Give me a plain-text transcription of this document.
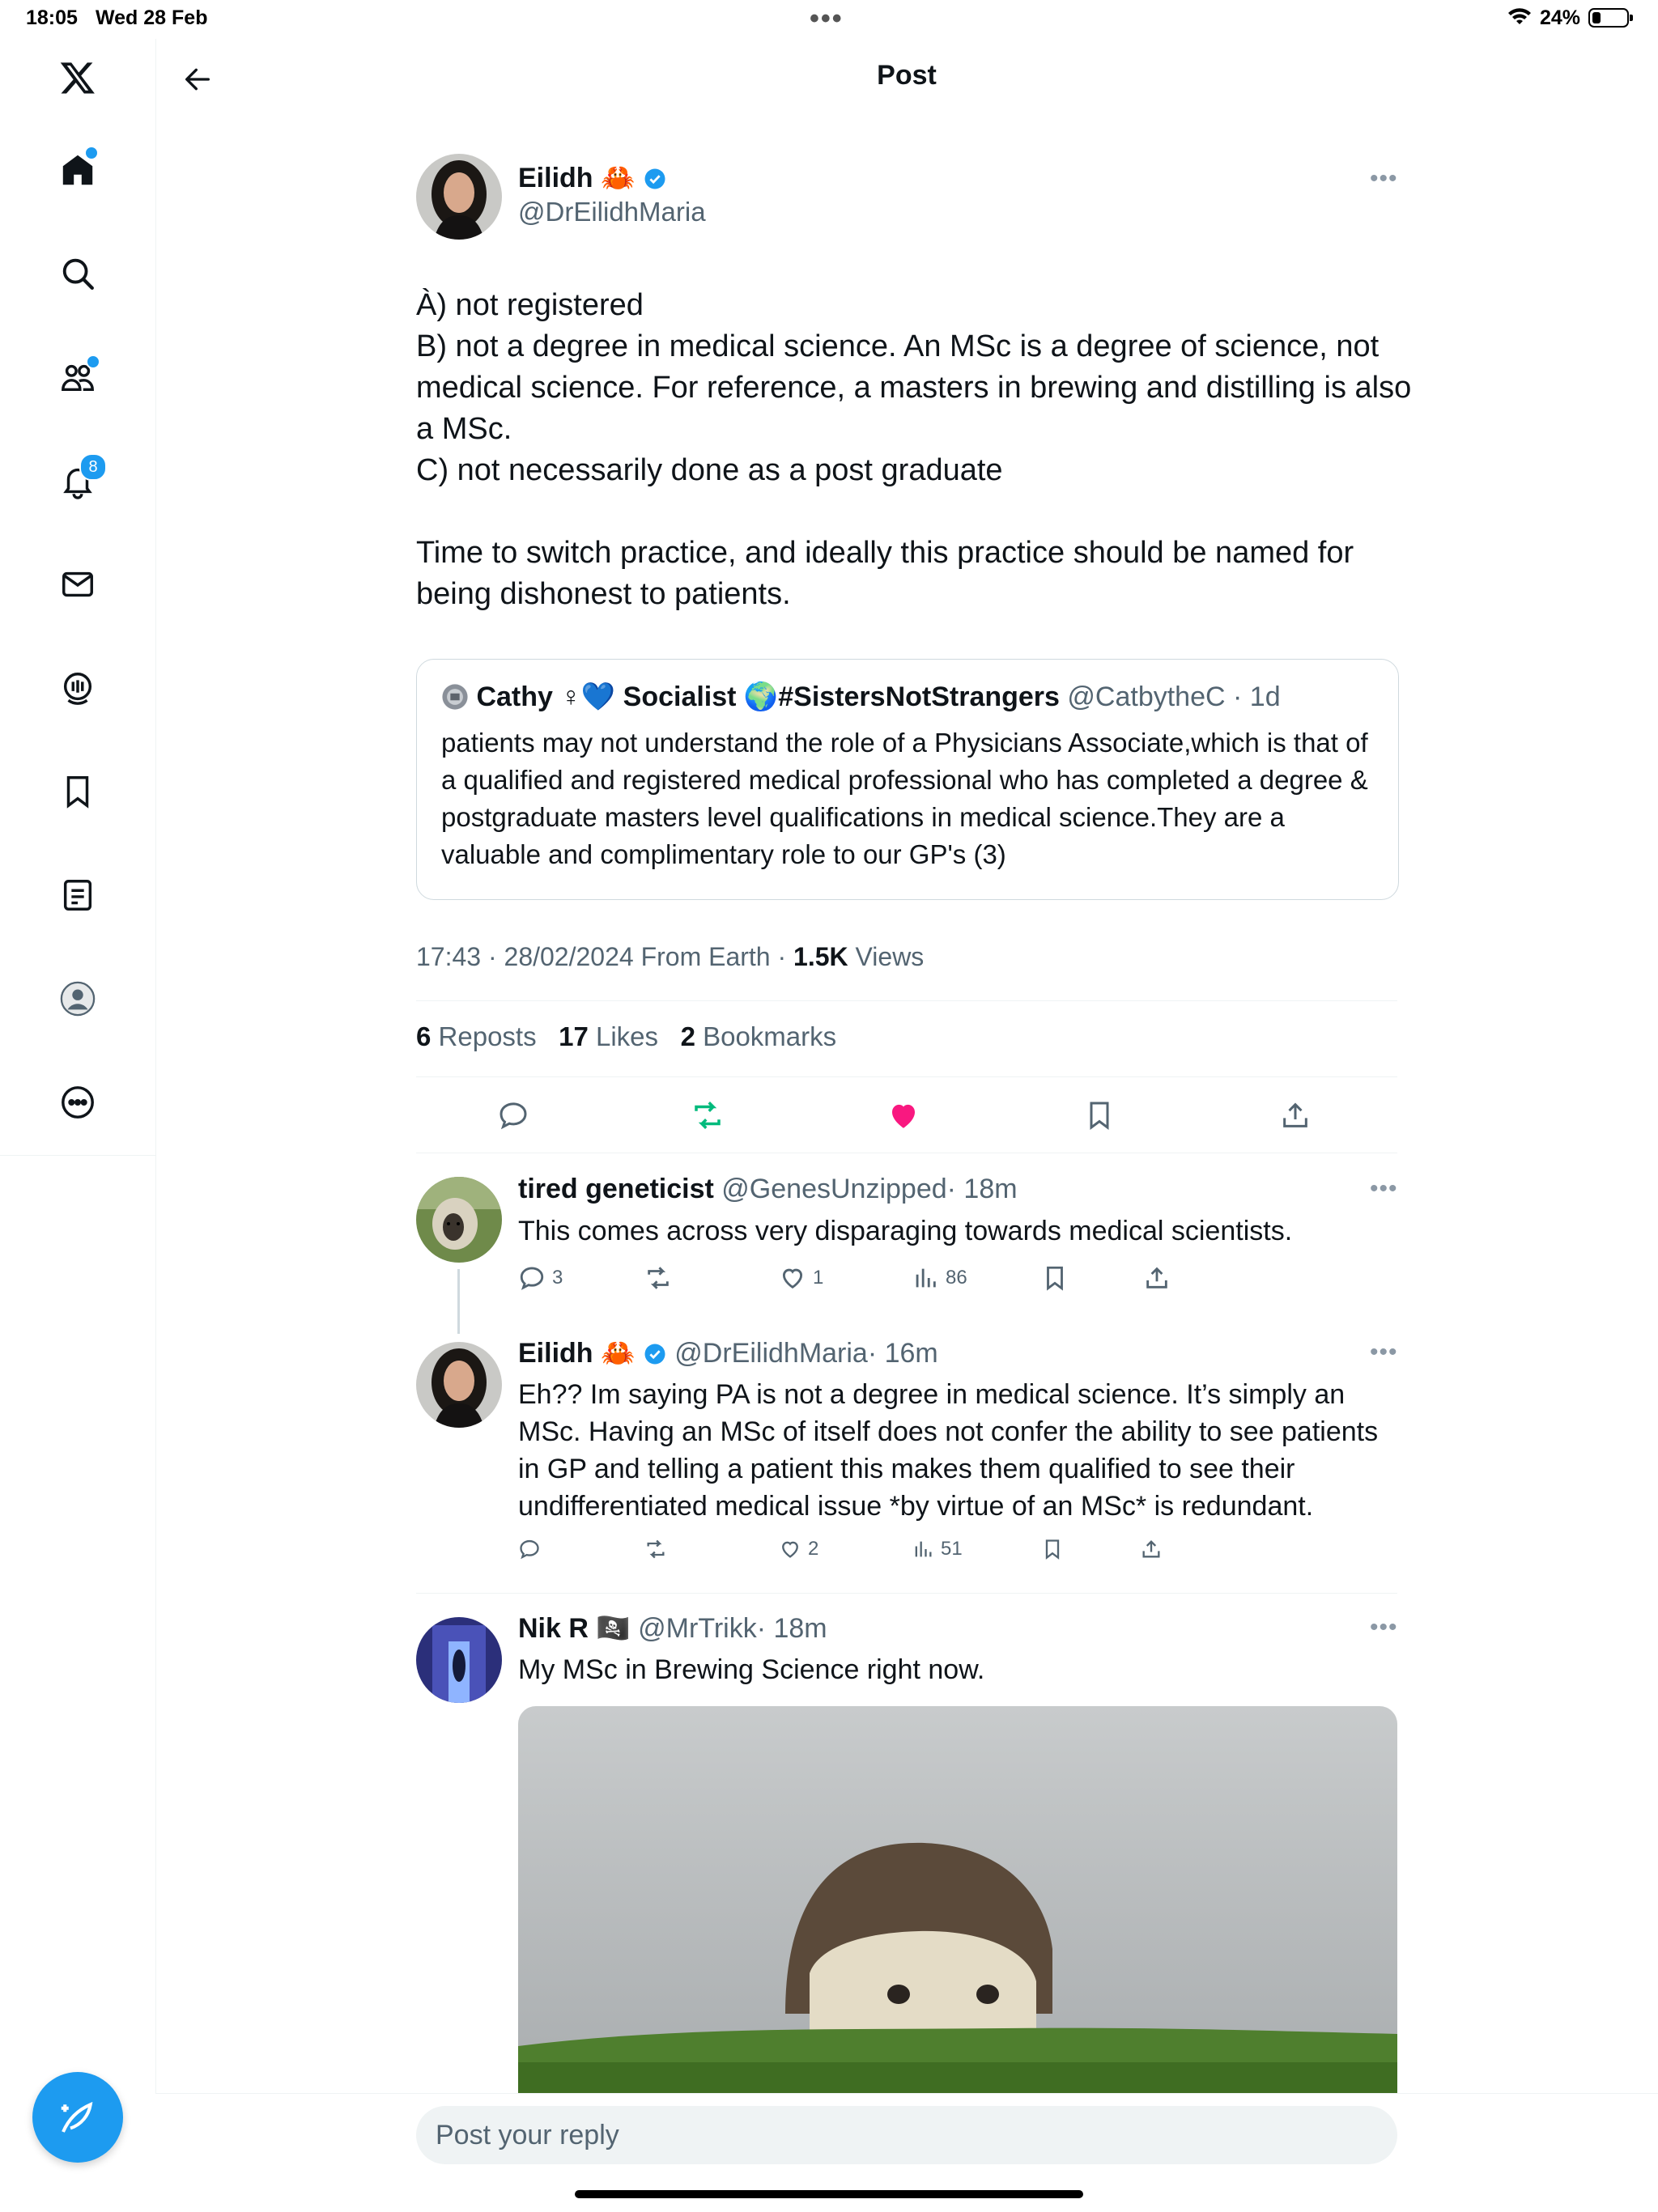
18:05 Wed 28 Feb	•••	24%
8
Post
Eilidh 🦀
@DrEilidhMaria
•••
À) not registered
B) not a degree in medical science. An MSc is a degree of science, not medical science. For reference, a masters in brewing and distilling is also a MSc.
C) not necessarily done as a post graduate

Time to switch practice, and ideally this practice should be named for being dishonest to patients.
Cathy ♀💙 Socialist 🌍#SistersNotStrangers @CatbytheC · 1d
patients may not understand the role of a Physicians Associate,which is that of a qualified and registered medical professional who has completed a degree & postgraduate masters level qualifications in medical science.They are a valuable and complimentary role to our GP's (3)
17:43 · 28/02/2024 From Earth · 1.5K Views
6 Reposts 17 Likes 2 Bookmarks
tired geneticist @GenesUnzipped· 18m	•••
This comes across very disparaging towards medical scientists.
3	1	86
Eilidh 🦀 @DrEilidhMaria· 16m	•••
Eh?? Im saying PA is not a degree in medical science. It’s simply an MSc. Having an MSc of itself does not confer the ability to see patients in GP and telling a patient this makes them qualified to see their undifferentiated medical issue *by virtue of an MSc* is redundant.
2	51
Nik R 🏴‍☠️ @MrTrikk· 18m	•••
My MSc in Brewing Science right now.
Post your reply
